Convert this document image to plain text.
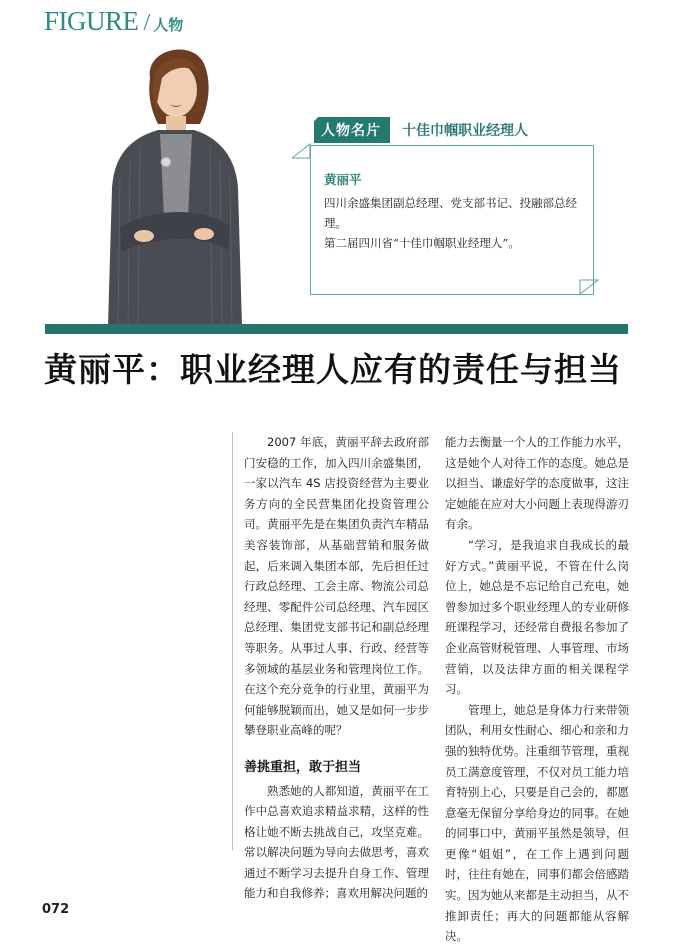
FIGURE / 人物
人物名片	十佳巾帼职业经理人
黄丽平
四川余盛集团副总经理、党支部书记、投融部总经理。
第二届四川省“十佳巾帼职业经理人”。
黄丽平：职业经理人应有的责任与担当

2007 年底，黄丽平辞去政府部门安稳的工作，加入四川余盛集团，一家以汽车 4S 店投资经营为主要业务方向的全民营集团化投资管理公司。黄丽平先是在集团负责汽车精品美容装饰部，从基础营销和服务做起，后来调入集团本部，先后担任过行政总经理、工会主席、物流公司总经理、零配件公司总经理、汽车园区总经理、集团党支部书记和副总经理等职务。从事过人事、行政、经营等多领域的基层业务和管理岗位工作。在这个充分竞争的行业里，黄丽平为何能够脱颖而出，她又是如何一步步攀登职业高峰的呢？

善挑重担，敢于担当

熟悉她的人都知道，黄丽平在工作中总喜欢追求精益求精，这样的性格让她不断去挑战自己，攻坚克难。常以解决问题为导向去做思考，喜欢通过不断学习去提升自身工作、管理能力和自我修养；喜欢用解决问题的

能力去衡量一个人的工作能力水平，这是她个人对待工作的态度。她总是以担当、谦虚好学的态度做事，这注定她能在应对大小问题上表现得游刃有余。

“学习，是我追求自我成长的最好方式。”黄丽平说，不管在什么岗位上，她总是不忘记给自己充电，她曾参加过多个职业经理人的专业研修班课程学习，还经常自费报名参加了企业高管财税管理、人事管理、市场营销，以及法律方面的相关课程学习。

管理上，她总是身体力行来带领团队，利用女性耐心、细心和亲和力强的独特优势。注重细节管理，重视员工满意度管理，不仅对员工能力培育特别上心，只要是自己会的，都愿意毫无保留分享给身边的同事。在她的同事口中，黄丽平虽然是领导，但更像“姐姐”，在工作上遇到问题时，往往有她在，同事们都会倍感踏实。因为她从来都是主动担当，从不推卸责任；再大的问题都能从容解决。

072
